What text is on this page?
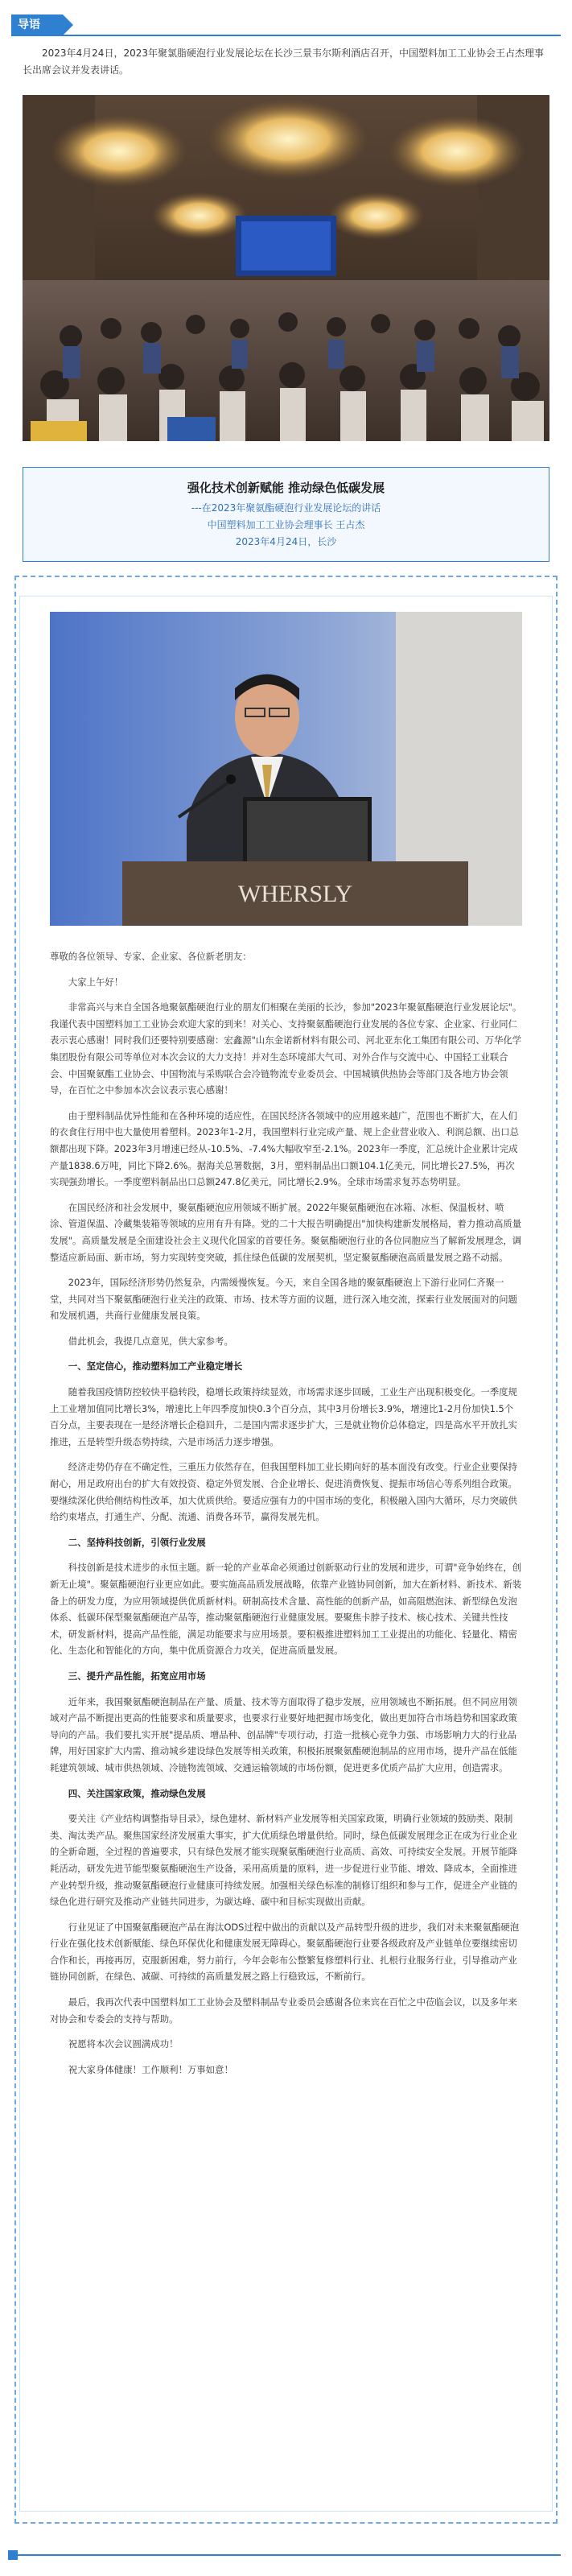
导语
2023年4月24日，2023年聚氯脂硬泡行业发展论坛在长沙三景韦尔斯利酒店召开，中国塑料加工工业协会王占杰理事长出席会议并发表讲话。
强化技术创新赋能 推动绿色低碳发展
---在2023年聚氨酯硬泡行业发展论坛的讲话
中国塑料加工工业协会理事长 王占杰
2023年4月24日，长沙
WHERSLY

尊敬的各位领导、专家、企业家、各位新老朋友：

大家上午好！

非常高兴与来自全国各地聚氨酯硬泡行业的朋友们相聚在美丽的长沙，参加"2023年聚氨酯硬泡行业发展论坛"。我谨代表中国塑料加工工业协会欢迎大家的到来！对关心、支持聚氨酯硬泡行业发展的各位专家、企业家、行业同仁表示衷心感谢！同时我们还要特别要感谢：宏鑫源"山东金诺新材料有限公司、河北亚东化工集团有限公司、万华化学集团股份有限公司等单位对本次会议的大力支持！并对生态环境部大气司、对外合作与交流中心、中国轻工业联合会、中国聚氨酯工业协会、中国物流与采购联合会冷链物流专业委员会、中国城镇供热协会等部门及各地方协会领导，在百忙之中参加本次会议表示衷心感谢！

由于塑料制品优异性能和在各种环境的适应性，在国民经济各领域中的应用越来越广，范围也不断扩大，在人们的衣食住行用中也大量使用着塑料。2023年1-2月，我国塑料行业完成产量、规上企业营业收入、利润总额、出口总额都出现下降。2023年3月增速已经从-10.5%、-7.4%大幅收窄至-2.1%。2023年一季度，汇总统计企业累计完成产量1838.6万吨，同比下降2.6%。据海关总署数据，3月，塑料制品出口额104.1亿美元，同比增长27.5%，再次实现强劲增长。一季度塑料制品出口总额247.8亿美元，同比增长2.9%。全球市场需求复苏态势明显。

在国民经济和社会发展中，聚氨酯硬泡应用领域不断扩展。2022年聚氨酯硬泡在冰箱、冰柜、保温板材、喷涂、管道保温、冷藏集装箱等领域的应用有升有降。党的二十大报告明确提出"加快构建新发展格局，着力推动高质量发展"。高质量发展是全面建设社会主义现代化国家的首要任务。聚氨酯硬泡行业的各位同胞应当了解新发展理念，调整适应新局面、新市场，努力实现转变突破，抓住绿色低碳的发展契机，坚定聚氨酯硬泡高质量发展之路不动摇。

2023年，国际经济形势仍然复杂，内需缓慢恢复。今天，来自全国各地的聚氨酯硬泡上下游行业同仁齐聚一堂，共同对当下聚氨酯硬泡行业关注的政策、市场、技术等方面的议题，进行深入地交流，探索行业发展面对的问题和发展机遇，共商行业健康发展良策。

借此机会，我提几点意见，供大家参考。

一、坚定信心，推动塑料加工产业稳定增长

随着我国疫情防控较快平稳转段，稳增长政策持续显效，市场需求逐步回暖，工业生产出现积极变化。一季度规上工业增加值同比增长3%，增速比上年四季度加快0.3个百分点，其中3月份增长3.9%，增速比1-2月份加快1.5个百分点，主要表现在一是经济增长企稳回升，二是国内需求逐步扩大，三是就业物价总体稳定，四是高水平开放扎实推进，五是转型升级态势持续，六是市场活力逐步增强。

经济走势仍存在不确定性，三重压力依然存在，但我国塑料加工业长期向好的基本面没有改变。行业企业要保持耐心，用足政府出台的扩大有效投资、稳定外贸发展、合企业增长、促进消费恢复、提振市场信心等系列组合政策。要继续深化供给侧结构性改革，加大优质供给。要适应强有力的中国市场的变化，积极融入国内大循环，尽力突破供给约束堵点，打通生产、分配、流通、消费各环节，赢得发展先机。

二、坚持科技创新，引领行业发展

科技创新是技术进步的永恒主题。新一轮的产业革命必须通过创新驱动行业的发展和进步，可谓"竞争始终在，创新无止境"。聚氨酯硬泡行业更应如此。要实施高品质发展战略，依靠产业链协同创新，加大在新材料、新技术、新装备上的研发力度，为应用领域提供优质新材料。研制高技术含量、高性能的创新产品，如高阻燃泡沫、新型绿色发泡体系、低碳环保型聚氨酯硬泡产品等，推动聚氨酯硬泡行业健康发展。要聚焦卡脖子技术、核心技术、关键共性技术，研发新材料，提高产品性能，满足功能要求与应用场景。要积极推进塑料加工工业提出的功能化、轻量化、精密化、生态化和智能化的方向，集中优质资源合力攻关，促进高质量发展。

三、提升产品性能，拓宽应用市场

近年来，我国聚氨酯硬泡制品在产量、质量、技术等方面取得了稳步发展，应用领域也不断拓展。但不同应用领域对产品不断提出更高的性能要求和质量要求，也要求行业要好地把握市场变化，做出更加符合市场趋势和国家政策导向的产品。我们要扎实开展"提品质、增品种、创品牌"专项行动，打造一批核心竞争力强、市场影响力大的行业品牌，用好国家扩大内需、推动城乡建设绿色发展等相关政策，积极拓展聚氨酯硬泡制品的应用市场，提升产品在低能耗建筑领域、城市供热领域、冷链物流领域、交通运输领域的市场份额，促进更多优质产品扩大应用，创造需求。

四、关注国家政策，推动绿色发展

要关注《产业结构调整指导目录》，绿色建材、新材料产业发展等相关国家政策，明确行业领域的鼓励类、限制类、淘汰类产品。聚焦国家经济发展重大事实，扩大优质绿色增量供给。同时，绿色低碳发展理念正在成为行业企业的全新命题，全过程的普遍要求，只有绿色发展才能实现聚氨酯硬泡行业高质、高效、可持续安全发展。开展节能降耗活动，研发先进节能型聚氨酯硬泡生产设备，采用高质量的原料，进一步促进行业节能、增效、降成本，全面推进产业转型升级，推动聚氨酯硬泡行业健康可持续发展。加强相关绿色标准的制修订组织和参与工作，促进全产业链的绿色化进行研究及推动产业链共同进步，为碳达峰、碳中和目标实现做出贡献。

行业见证了中国聚氨酯硬泡产品在海汰ODS过程中做出的贡献以及产品转型升级的进步，我们对未来聚氨酯硬泡行业在强化技术创新赋能、绿色环保优化和健康发展无障碍心。聚氨酯硬泡行业要各级政府及产业链单位要继续密切合作和长，再接再厉，克服新困难，努力前行，今年会彰布公整繁复修塑料行业、扎根行业服务行业，引导推动产业链协同创新，在绿色、减碳、可持续的高质量发展之路上行稳致远，不断前行。

最后，我再次代表中国塑料加工工业协会及塑料制品专业委员会感谢各位来宾在百忙之中莅临会议，以及多年来对协会和专委会的支持与帮助。

祝愿将本次会议圆满成功！

祝大家身体健康！工作顺利！万事如意！
